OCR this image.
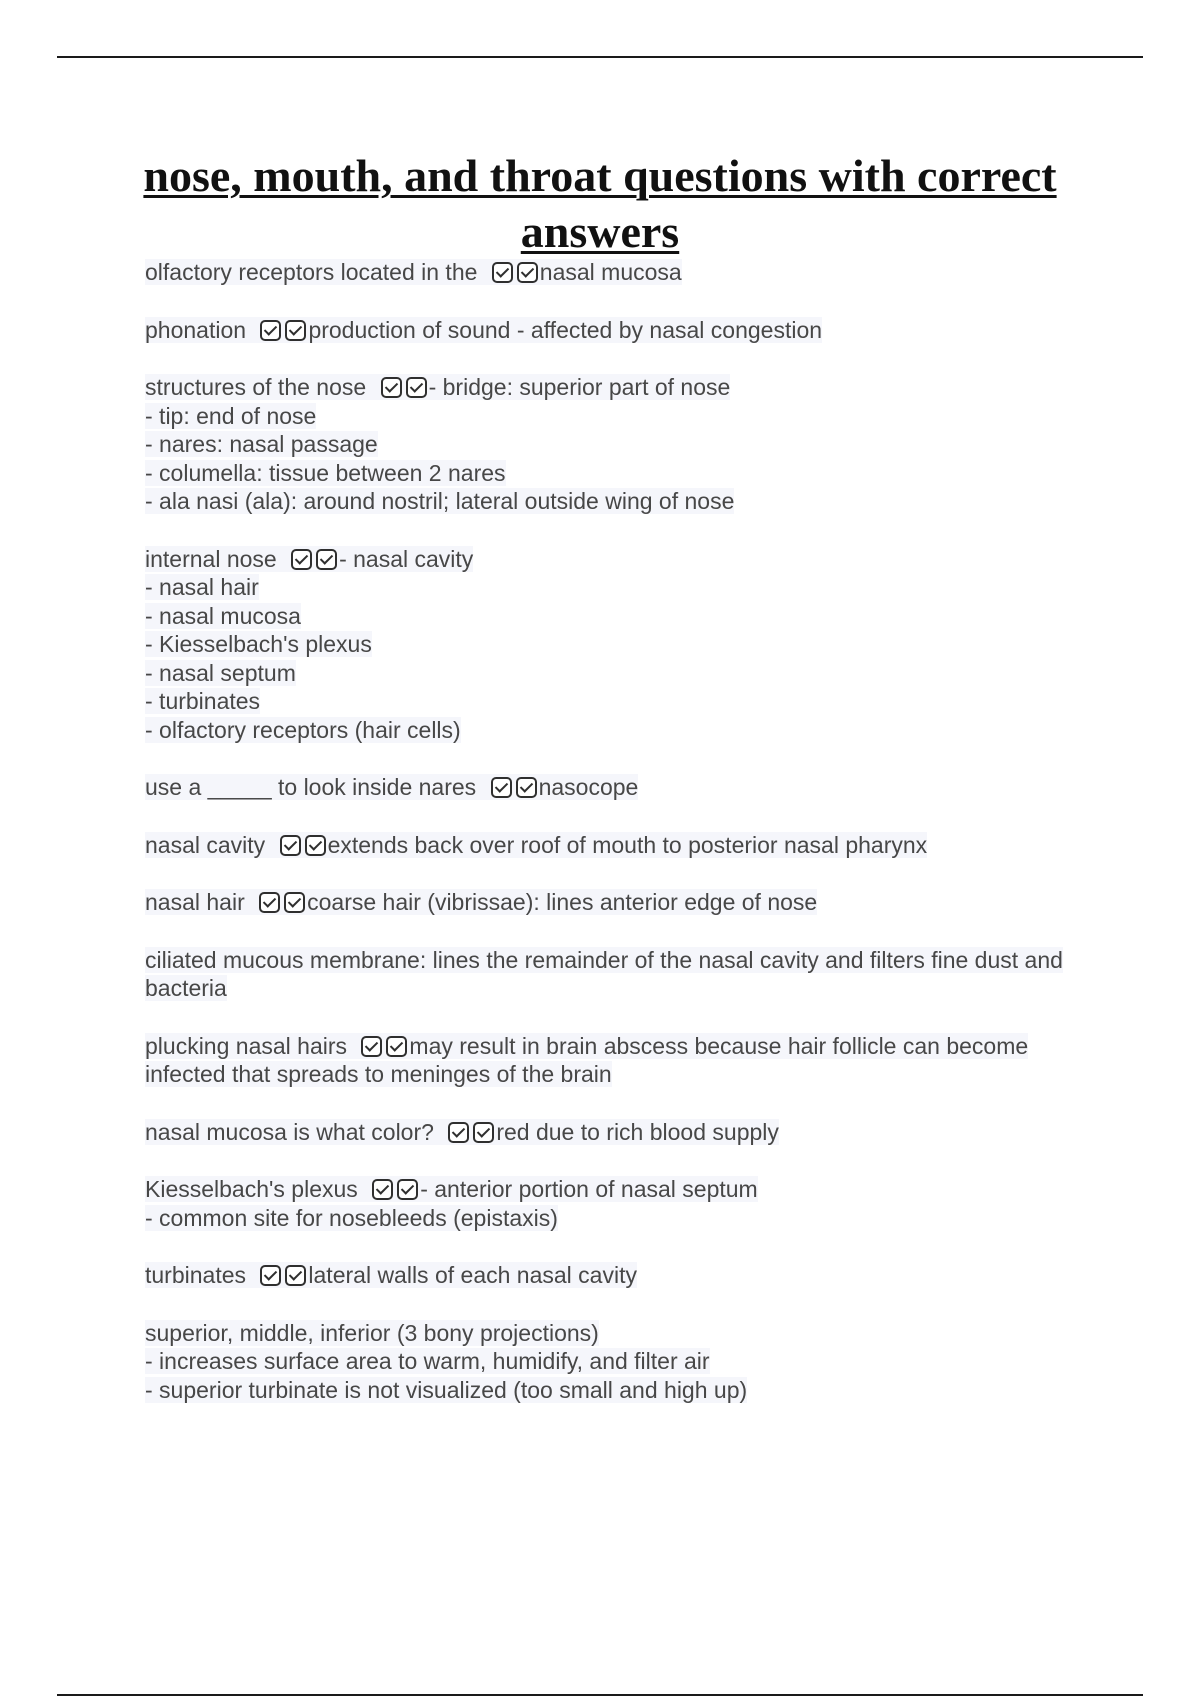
nose, mouth, and throat questions with correct answers

olfactory receptors located in the nasal mucosa

phonation production of sound - affected by nasal congestion

structures of the nose - bridge: superior part of nose
- tip: end of nose
- nares: nasal passage
- columella: tissue between 2 nares
- ala nasi (ala): around nostril; lateral outside wing of nose

internal nose - nasal cavity
- nasal hair
- nasal mucosa
- Kiesselbach's plexus
- nasal septum
- turbinates
- olfactory receptors (hair cells)

use a _____ to look inside nares nasocope

nasal cavity extends back over roof of mouth to posterior nasal pharynx

nasal hair coarse hair (vibrissae): lines anterior edge of nose

ciliated mucous membrane: lines the remainder of the nasal cavity and filters fine dust and bacteria

plucking nasal hairs may result in brain abscess because hair follicle can become infected that spreads to meninges of the brain

nasal mucosa is what color? red due to rich blood supply

Kiesselbach's plexus - anterior portion of nasal septum
- common site for nosebleeds (epistaxis)

turbinates lateral walls of each nasal cavity

superior, middle, inferior (3 bony projections)
- increases surface area to warm, humidify, and filter air
- superior turbinate is not visualized (too small and high up)
